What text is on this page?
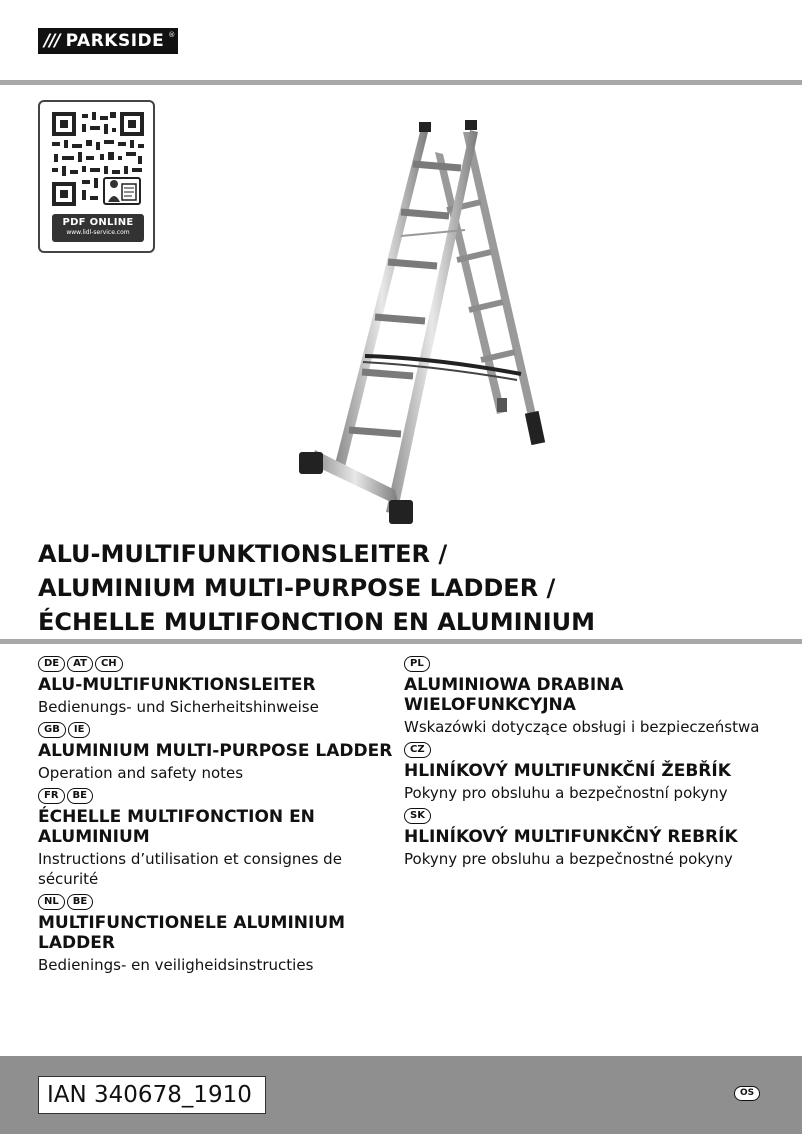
/// PARKSIDE ®
PDF ONLINE
www.lidl-service.com
ALU-MULTIFUNKTIONSLEITER /
ALUMINIUM MULTI-PURPOSE LADDER /
ÉCHELLE MULTIFONCTION EN ALUMINIUM
DE	AT	CH
ALU-MULTIFUNKTIONSLEITER
Bedienungs- und Sicherheitshinweise
GB	IE
ALUMINIUM MULTI-PURPOSE LADDER
Operation and safety notes
FR	BE
ÉCHELLE MULTIFONCTION EN ALUMINIUM
Instructions d’utilisation et consignes de sécurité
NL	BE
MULTIFUNCTIONELE ALUMINIUM LADDER
Bedienings- en veiligheidsinstructies
PL
ALUMINIOWA DRABINA WIELOFUNKCYJNA
Wskazówki dotyczące obsługi i bezpieczeństwa
CZ
HLINÍKOVÝ MULTIFUNKČNÍ ŽEBŘÍK
Pokyny pro obsluhu a bezpečnostní pokyny
SK
HLINÍKOVÝ MULTIFUNKČNÝ REBRÍK
Pokyny pre obsluhu a bezpečnostné pokyny
IAN 340678_1910	OS
